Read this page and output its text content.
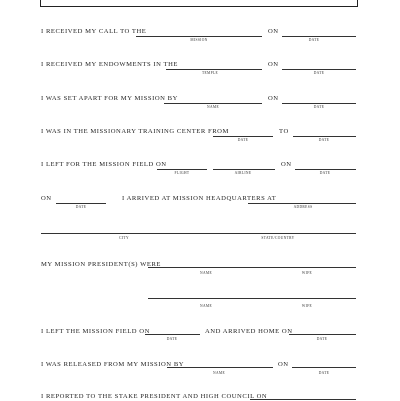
I RECEIVED MY CALL TO THE
MISSION
ON
DATE
I RECEIVED MY ENDOWMENTS IN THE
TEMPLE
ON
DATE
I WAS SET APART FOR MY MISSION BY
NAME
ON
DATE
I WAS IN THE MISSIONARY TRAINING CENTER FROM
DATE
TO
DATE
I LEFT FOR THE MISSION FIELD ON
FLIGHT	AIRLINE
ON
DATE
ON
DATE
I ARRIVED AT MISSION HEADQUARTERS AT
ADDRESS
CITY	STATE/COUNTRY
MY MISSION PRESIDENT(S) WERE
NAME	WIFE
NAME	WIFE
I LEFT THE MISSION FIELD ON
DATE
AND ARRIVED HOME ON
DATE
I WAS RELEASED FROM MY MISSION BY
NAME
ON
DATE
I REPORTED TO THE STAKE PRESIDENT AND HIGH COUNCIL ON
